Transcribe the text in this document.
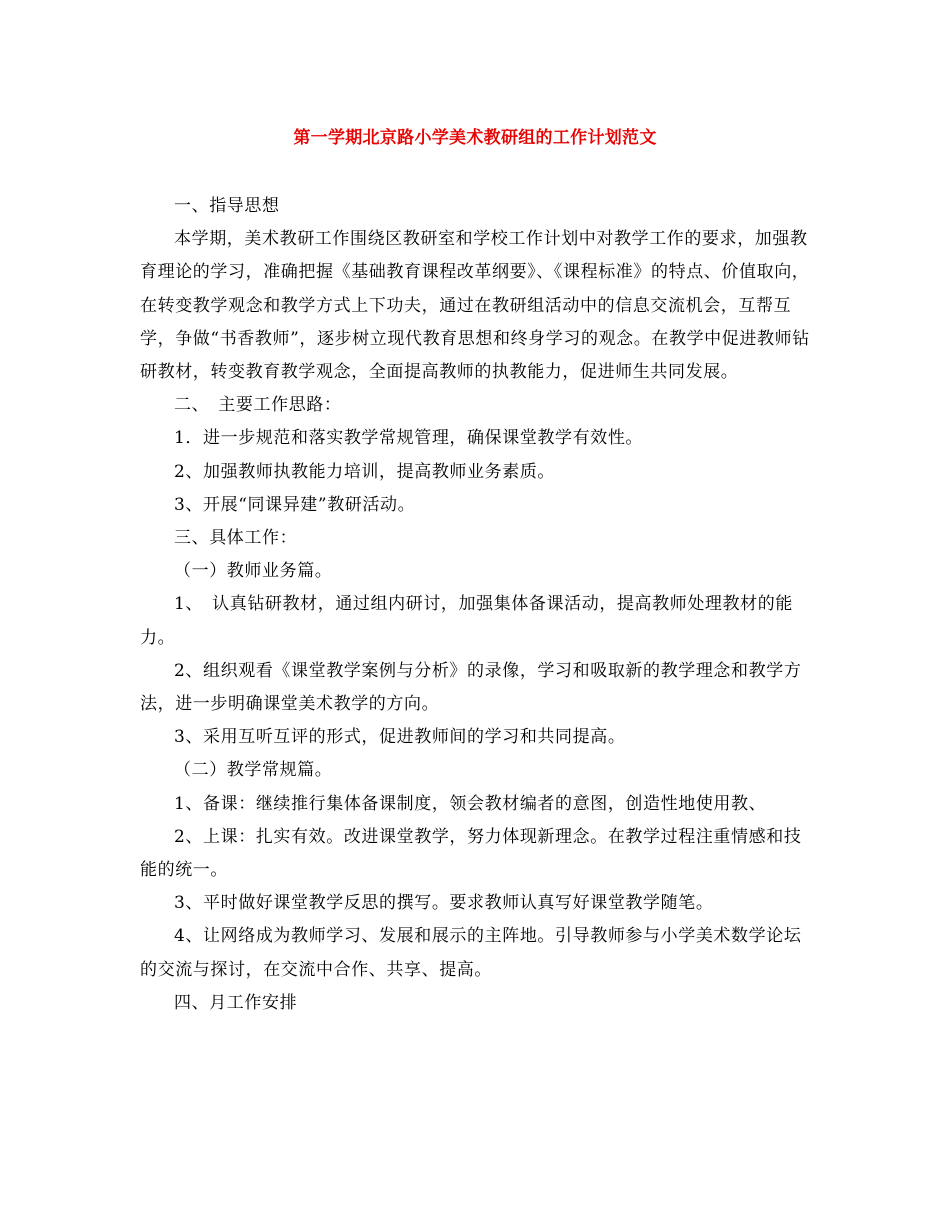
第一学期北京路小学美术教研组的工作计划范文

一、指导思想

本学期，美术教研工作围绕区教研室和学校工作计划中对教学工作的要求，加强教育理论的学习，准确把握《基础教育课程改革纲要》、《课程标准》的特点、价值取向，在转变教学观念和教学方式上下功夫，通过在教研组活动中的信息交流机会，互帮互学，争做“书香教师”，逐步树立现代教育思想和终身学习的观念。在教学中促进教师钻研教材，转变教育教学观念，全面提高教师的执教能力，促进师生共同发展。

二、　主要工作思路：

1．进一步规范和落实教学常规管理，确保课堂教学有效性。

2、加强教师执教能力培训，提高教师业务素质。

3、开展“同课异建”教研活动。

三、具体工作：

（一）教师业务篇。

1、　认真钻研教材，通过组内研讨，加强集体备课活动，提高教师处理教材的能力。

2、组织观看《课堂教学案例与分析》的录像，学习和吸取新的教学理念和教学方法，进一步明确课堂美术教学的方向。

3、采用互听互评的形式，促进教师间的学习和共同提高。

（二）教学常规篇。

1、备课：继续推行集体备课制度，领会教材编者的意图，创造性地使用教、

2、上课：扎实有效。改进课堂教学，努力体现新理念。在教学过程注重情感和技能的统一。

3、平时做好课堂教学反思的撰写。要求教师认真写好课堂教学随笔。

4、让网络成为教师学习、发展和展示的主阵地。引导教师参与小学美术数学论坛的交流与探讨，在交流中合作、共享、提高。

四、月工作安排
